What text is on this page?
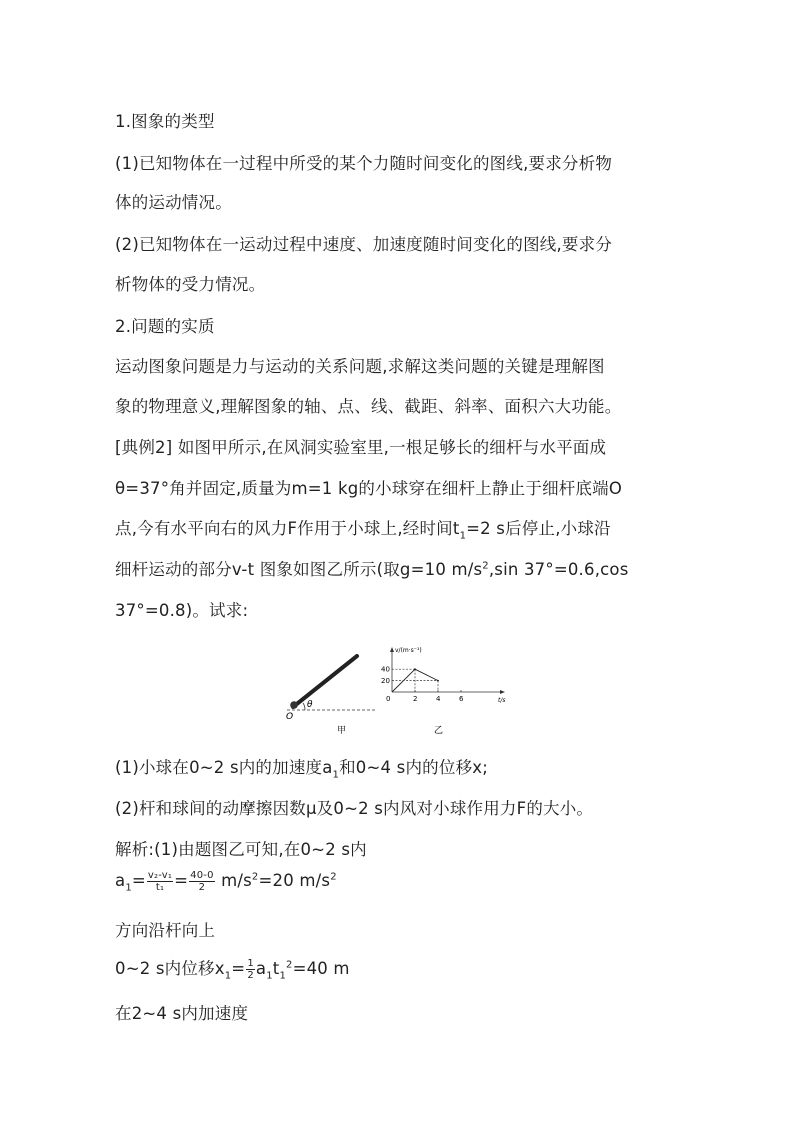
1.图象的类型
(1)已知物体在一过程中所受的某个力随时间变化的图线,要求分析物
体的运动情况。
(2)已知物体在一运动过程中速度、加速度随时间变化的图线,要求分
析物体的受力情况。
2.问题的实质
运动图象问题是力与运动的关系问题,求解这类问题的关键是理解图
象的物理意义,理解图象的轴、点、线、截距、斜率、面积六大功能。
[典例2] 如图甲所示,在风洞实验室里,一根足够长的细杆与水平面成
θ=37°角并固定,质量为m=1 kg的小球穿在细杆上静止于细杆底端O
点,今有水平向右的风力F作用于小球上,经时间$t_1=2$ s后停止,小球沿
细杆运动的部分v-t 图象如图乙所示(取g=10 $m/s^2,\sin$ 37°=0.6,cos
37°=0.8)。试求:
O
θ
甲
v/(m·s⁻¹)
t/s
0
乙
40
20
2	4	6
(1)小球在0~2 s内的加速度$a_1$和0~4 s内的位移x;
(2)杆和球间的动摩擦因数μ及0~2 s内风对小球作用力F的大小。
解析:(1)由题图乙可知,在0~2 s内
$a_1= \frac{\text{v₂-v₁}}{\text{t₁}} = \frac{40-0}{2} m/s^2=20$ $m/s^2$
方向沿杆向上
0~2 s内位移$x_1= \frac{1}{2} a_1t_1^2=40$ m
在2~4 s内加速度
